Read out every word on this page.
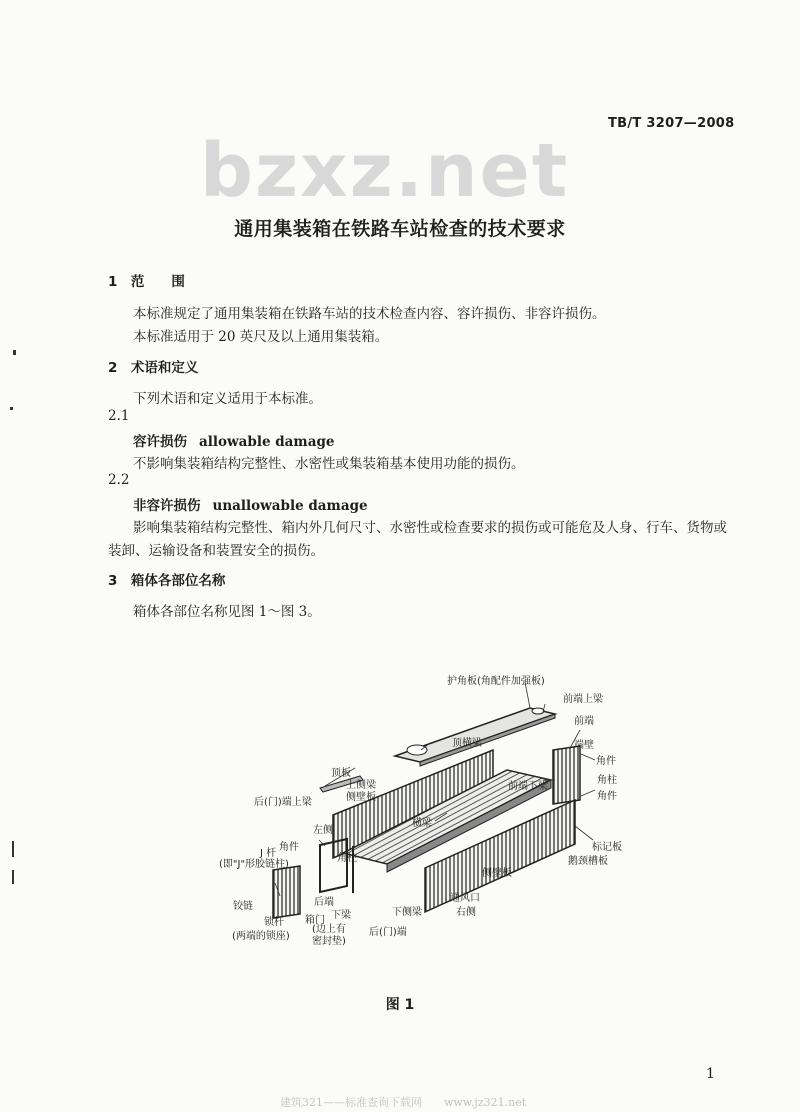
TB/T 3207—2008
bzxz.net
通用集装箱在铁路车站检查的技术要求
1　范　　围
本标准规定了通用集装箱在铁路车站的技术检查内容、容许损伤、非容许损伤。
本标准适用于 20 英尺及以上通用集装箱。
2　术语和定义
下列术语和定义适用于本标准。
2.1
容许损伤 allowable damage
不影响集装箱结构完整性、水密性或集装箱基本使用功能的损伤。
2.2
非容许损伤 unallowable damage
影响集装箱结构完整性、箱内外几何尺寸、水密性或检查要求的损伤或可能危及人身、行车、货物或
装卸、运输设备和装置安全的损伤。
3　箱体各部位名称
箱体各部位名称见图 1～图 3。
护角板(角配件加强板)
前端上梁
前端
顶横梁	端壁
角件
顶板
上侧梁
侧壁板
前端下梁
角柱
角件
后(门)端上梁
左侧
横梁
标记板
角件
J 杆
(即"J"形胶链柱)
角柱	鹅颈槽板
侧壁板
铰链
通风口
右侧
后端
下侧梁
锁杆
(两端的锁座)
箱门 下梁
(边上有
密封垫)
后(门)端
图 1
1
建筑321——标准查询下载网　　www.jz321.net
